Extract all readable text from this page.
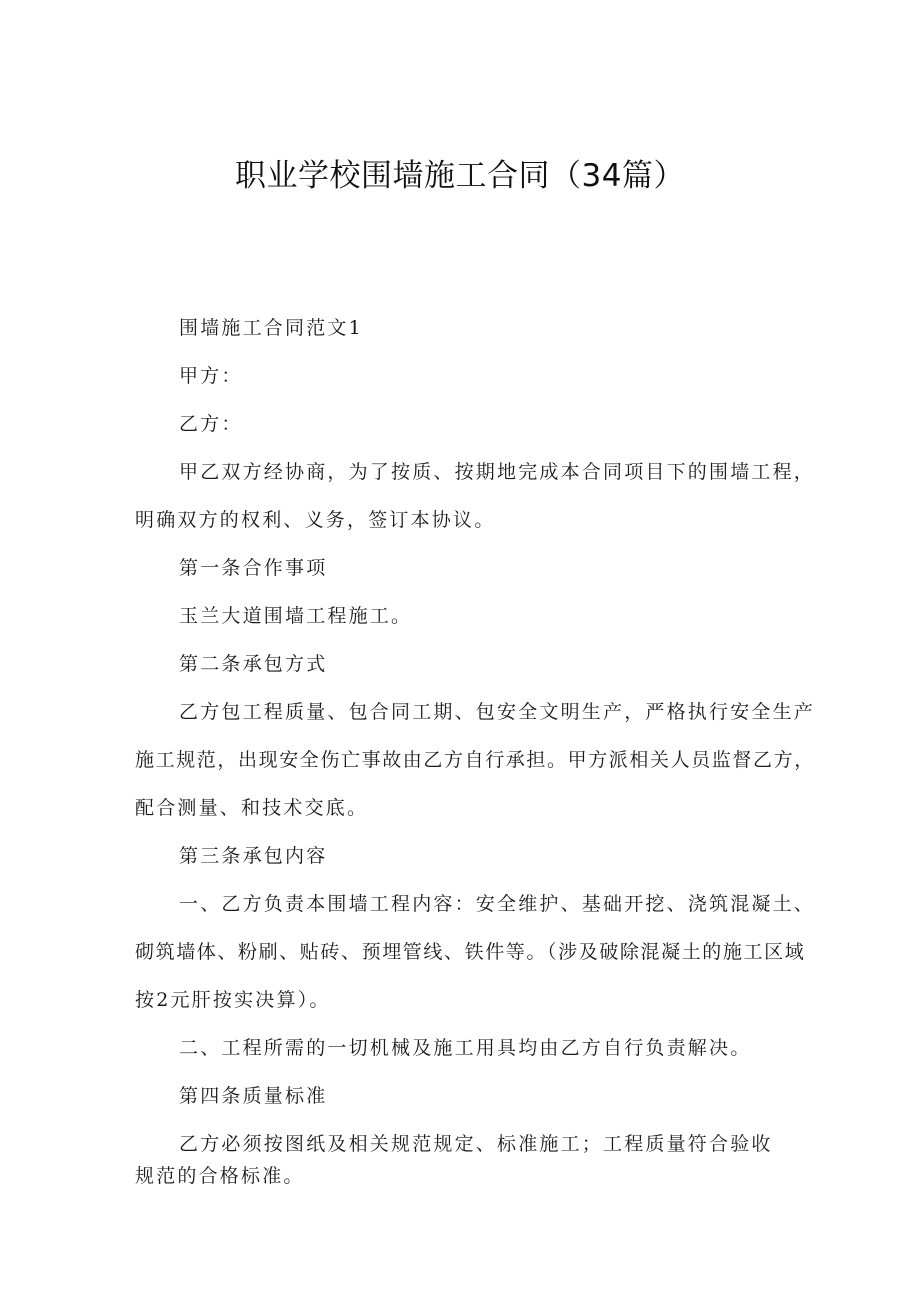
职业学校围墙施工合同（34篇）

围墙施工合同范文1

甲方：

乙方：

甲乙双方经协商，为了按质、按期地完成本合同项目下的围墙工程，

明确双方的权利、义务，签订本协议。

第一条合作事项

玉兰大道围墙工程施工。

第二条承包方式

乙方包工程质量、包合同工期、包安全文明生产，严格执行安全生产

施工规范，出现安全伤亡事故由乙方自行承担。甲方派相关人员监督乙方，

配合测量、和技术交底。

第三条承包内容

一、乙方负责本围墙工程内容：安全维护、基础开挖、浇筑混凝土、

砌筑墙体、粉刷、贴砖、预埋管线、铁件等。（涉及破除混凝土的施工区域

按2元肝按实决算）。

二、工程所需的一切机械及施工用具均由乙方自行负责解决。

第四条质量标准

乙方必须按图纸及相关规范规定、标准施工；工程质量符合验收

规范的合格标准。
